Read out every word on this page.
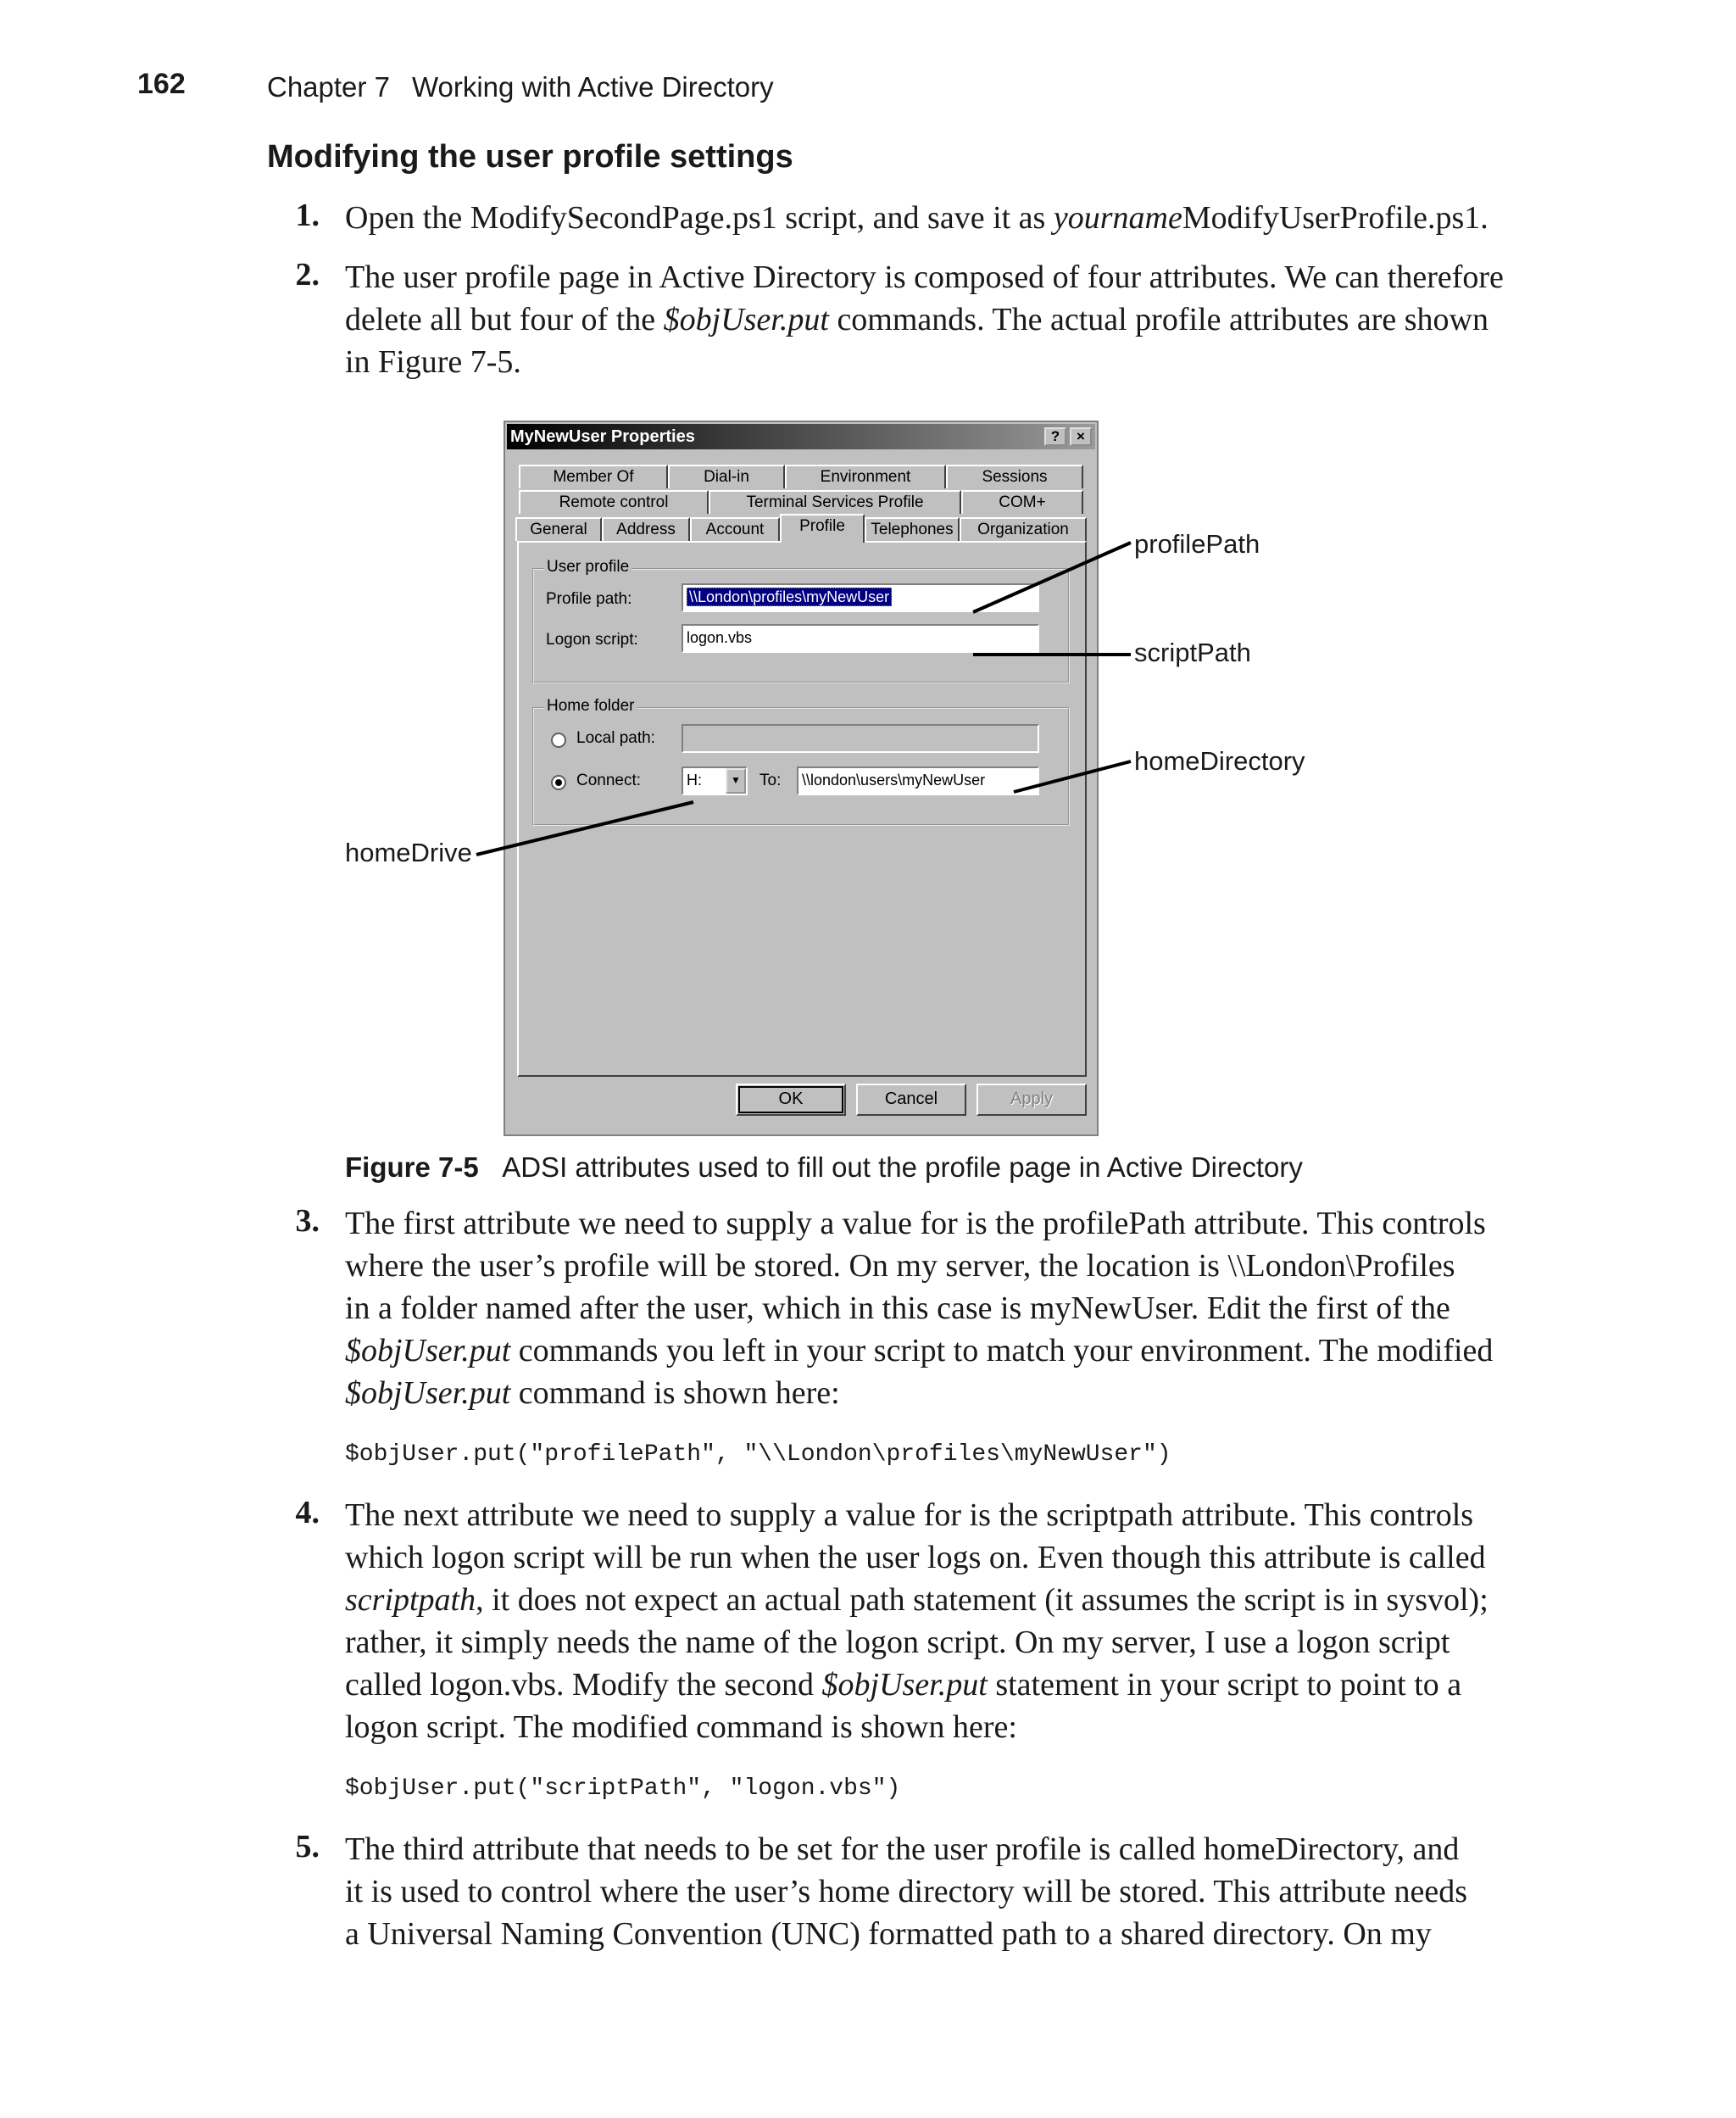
162	Chapter 7 Working with Active Directory
Modifying the user profile settings
1. Open the ModifySecondPage.ps1 script, and save it as yournameModifyUserProfile.ps1.
2. The user profile page in Active Directory is composed of four attributes. We can therefore
delete all but four of the $objUser.put commands. The actual profile attributes are shown
in Figure 7-5.
MyNewUser Properties	?	×
Member Of	Dial-in	Environment	Sessions
Remote control	Terminal Services Profile	COM+
General	Address	Account	Profile	Telephones	Organization
User profile
Profile path:	\\London\profiles\myNewUser
Logon script:	logon.vbs
Home folder
Local path:
Connect:	H:	▼	To:	\\london\users\myNewUser
OK	Cancel	Apply
profilePath
scriptPath
homeDirectory
homeDrive
Figure 7-5 ADSI attributes used to fill out the profile page in Active Directory
3. The first attribute we need to supply a value for is the profilePath attribute. This controls
where the user’s profile will be stored. On my server, the location is \\London\Profiles
in a folder named after the user, which in this case is myNewUser. Edit the first of the
$objUser.put commands you left in your script to match your environment. The modified
$objUser.put command is shown here:
$objUser.put("profilePath", "\\London\profiles\myNewUser")
4. The next attribute we need to supply a value for is the scriptpath attribute. This controls
which logon script will be run when the user logs on. Even though this attribute is called
scriptpath, it does not expect an actual path statement (it assumes the script is in sysvol);
rather, it simply needs the name of the logon script. On my server, I use a logon script
called logon.vbs. Modify the second $objUser.put statement in your script to point to a
logon script. The modified command is shown here:
$objUser.put("scriptPath", "logon.vbs")
5. The third attribute that needs to be set for the user profile is called homeDirectory, and
it is used to control where the user’s home directory will be stored. This attribute needs
a Universal Naming Convention (UNC) formatted path to a shared directory. On my
